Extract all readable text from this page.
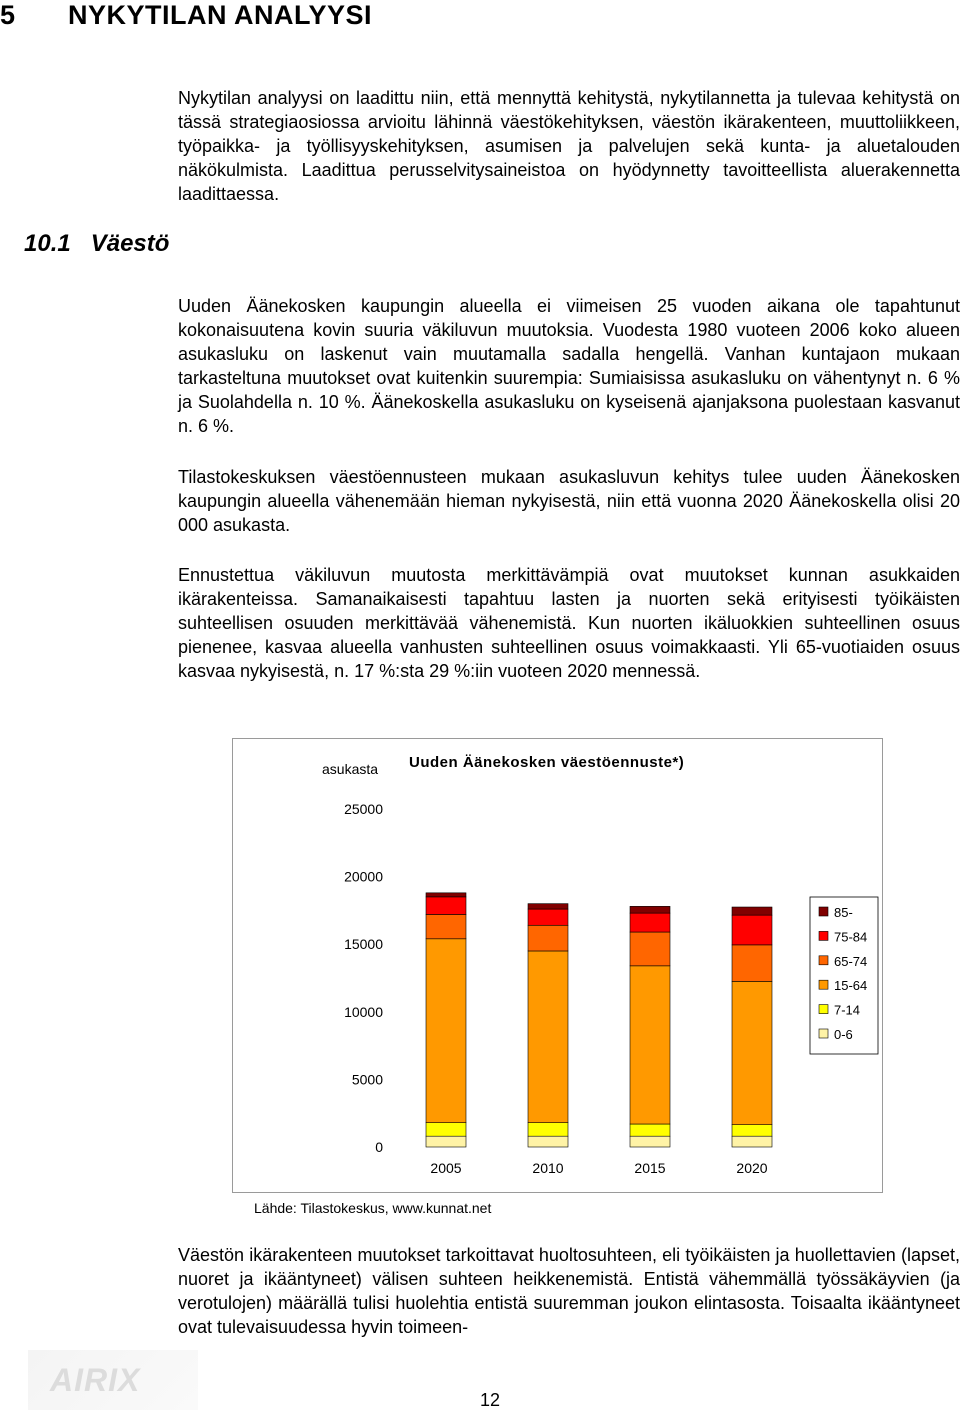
5 NYKYTILAN ANALYYSI
Nykytilan analyysi on laadittu niin, että mennyttä kehitystä, nykytilannetta ja tulevaa kehitystä on tässä strategiaosiossa arvioitu lähinnä väestökehityksen, väestön ikärakenteen, muuttoliikkeen, työpaikka- ja työllisyyskehityksen, asumisen ja palvelujen sekä kunta- ja aluetalouden näkökulmista. Laadittua perusselvitysaineistoa on hyödynnetty tavoitteellista aluerakennetta laadittaessa.
10.1 Väestö
Uuden Äänekosken kaupungin alueella ei viimeisen 25 vuoden aikana ole tapahtunut kokonaisuutena kovin suuria väkiluvun muutoksia. Vuodesta 1980 vuoteen 2006 koko alueen asukasluku on laskenut vain muutamalla sadalla hengellä. Vanhan kuntajaon mukaan tarkasteltuna muutokset ovat kuitenkin suurempia: Sumiaisissa asukasluku on vähentynyt n. 6 % ja Suolahdella n. 10 %. Äänekoskella asukasluku on kyseisenä ajanjaksona puolestaan kasvanut n. 6 %.
Tilastokeskuksen väestöennusteen mukaan asukasluvun kehitys tulee uuden Äänekosken kaupungin alueella vähenemään hieman nykyisestä, niin että vuonna 2020 Äänekoskella olisi 20 000 asukasta.
Ennustettua väkiluvun muutosta merkittävämpiä ovat muutokset kunnan asukkaiden ikärakenteissa. Samanaikaisesti tapahtuu lasten ja nuorten sekä erityisesti työikäisten suhteellisen osuuden merkittävää vähenemistä. Kun nuorten ikäluokkien suhteellinen osuus pienenee, kasvaa alueella vanhusten suhteellinen osuus voimakkaasti. Yli 65-vuotiaiden osuus kasvaa nykyisestä, n. 17 %:sta 29 %:iin vuoteen 2020 mennessä.
0
5000
10000
15000
20000
25000
2005	2010	2015	2020
85-
75-84
65-74
15-64
7-14
0-6
asukasta Uuden Äänekosken väestöennuste*)
Lähde: Tilastokeskus, www.kunnat.net
Väestön ikärakenteen muutokset tarkoittavat huoltosuhteen, eli työikäisten ja huollettavien (lapset, nuoret ja ikääntyneet) välisen suhteen heikkenemistä. Entistä vähemmällä työssäkäyvien (ja verotulojen) määrällä tulisi huolehtia entistä suuremman joukon elintasosta. Toisaalta ikääntyneet ovat tulevaisuudessa hyvin toimeen-
AIRIX
12
